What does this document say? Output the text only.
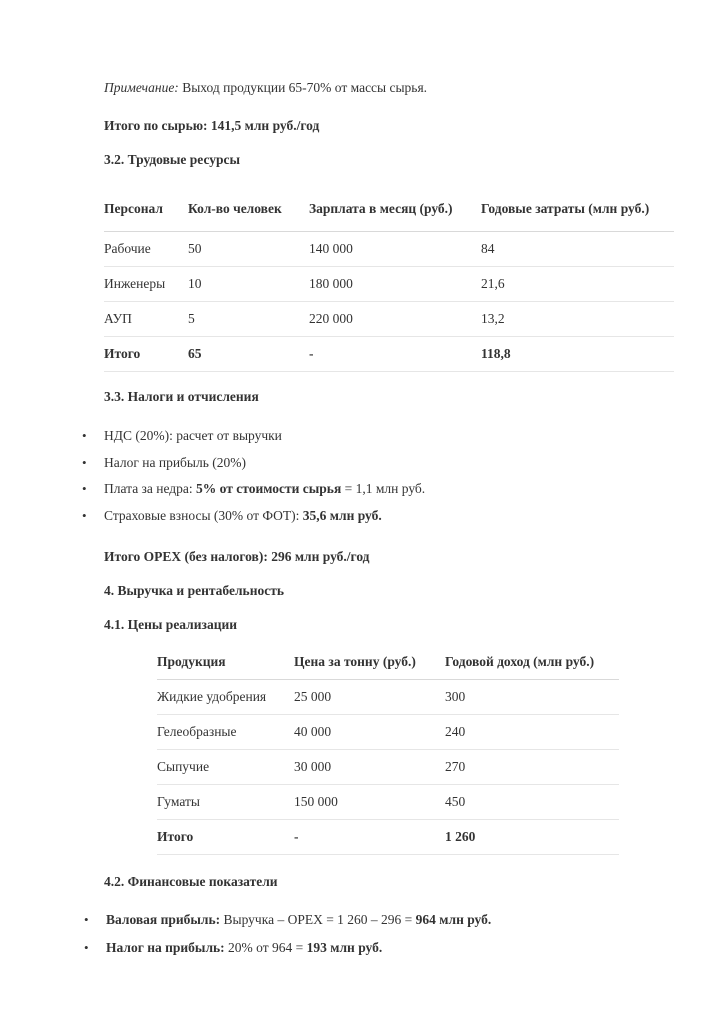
Примечание: Выход продукции 65-70% от массы сырья.
Итого по сырью: 141,5 млн руб./год
3.2. Трудовые ресурсы
Персонал	Кол-во человек	Зарплата в месяц (руб.)	Годовые затраты (млн руб.)
Рабочие	50	140 000	84
Инженеры	10	180 000	21,6
АУП	5	220 000	13,2
Итого	65	-	118,8
3.3. Налоги и отчисления
• НДС (20%): расчет от выручки
• Налог на прибыль (20%)
• Плата за недра: 5% от стоимости сырья = 1,1 млн руб.
• Страховые взносы (30% от ФОТ): 35,6 млн руб.
Итого OPEX (без налогов): 296 млн руб./год
4. Выручка и рентабельность
4.1. Цены реализации
Продукция	Цена за тонну (руб.)	Годовой доход (млн руб.)
Жидкие удобрения	25 000	300
Гелеобразные	40 000	240
Сыпучие	30 000	270
Гуматы	150 000	450
Итого	-	1 260
4.2. Финансовые показатели
• Валовая прибыль: Выручка – OPEX = 1 260 – 296 = 964 млн руб.
• Налог на прибыль: 20% от 964 = 193 млн руб.
